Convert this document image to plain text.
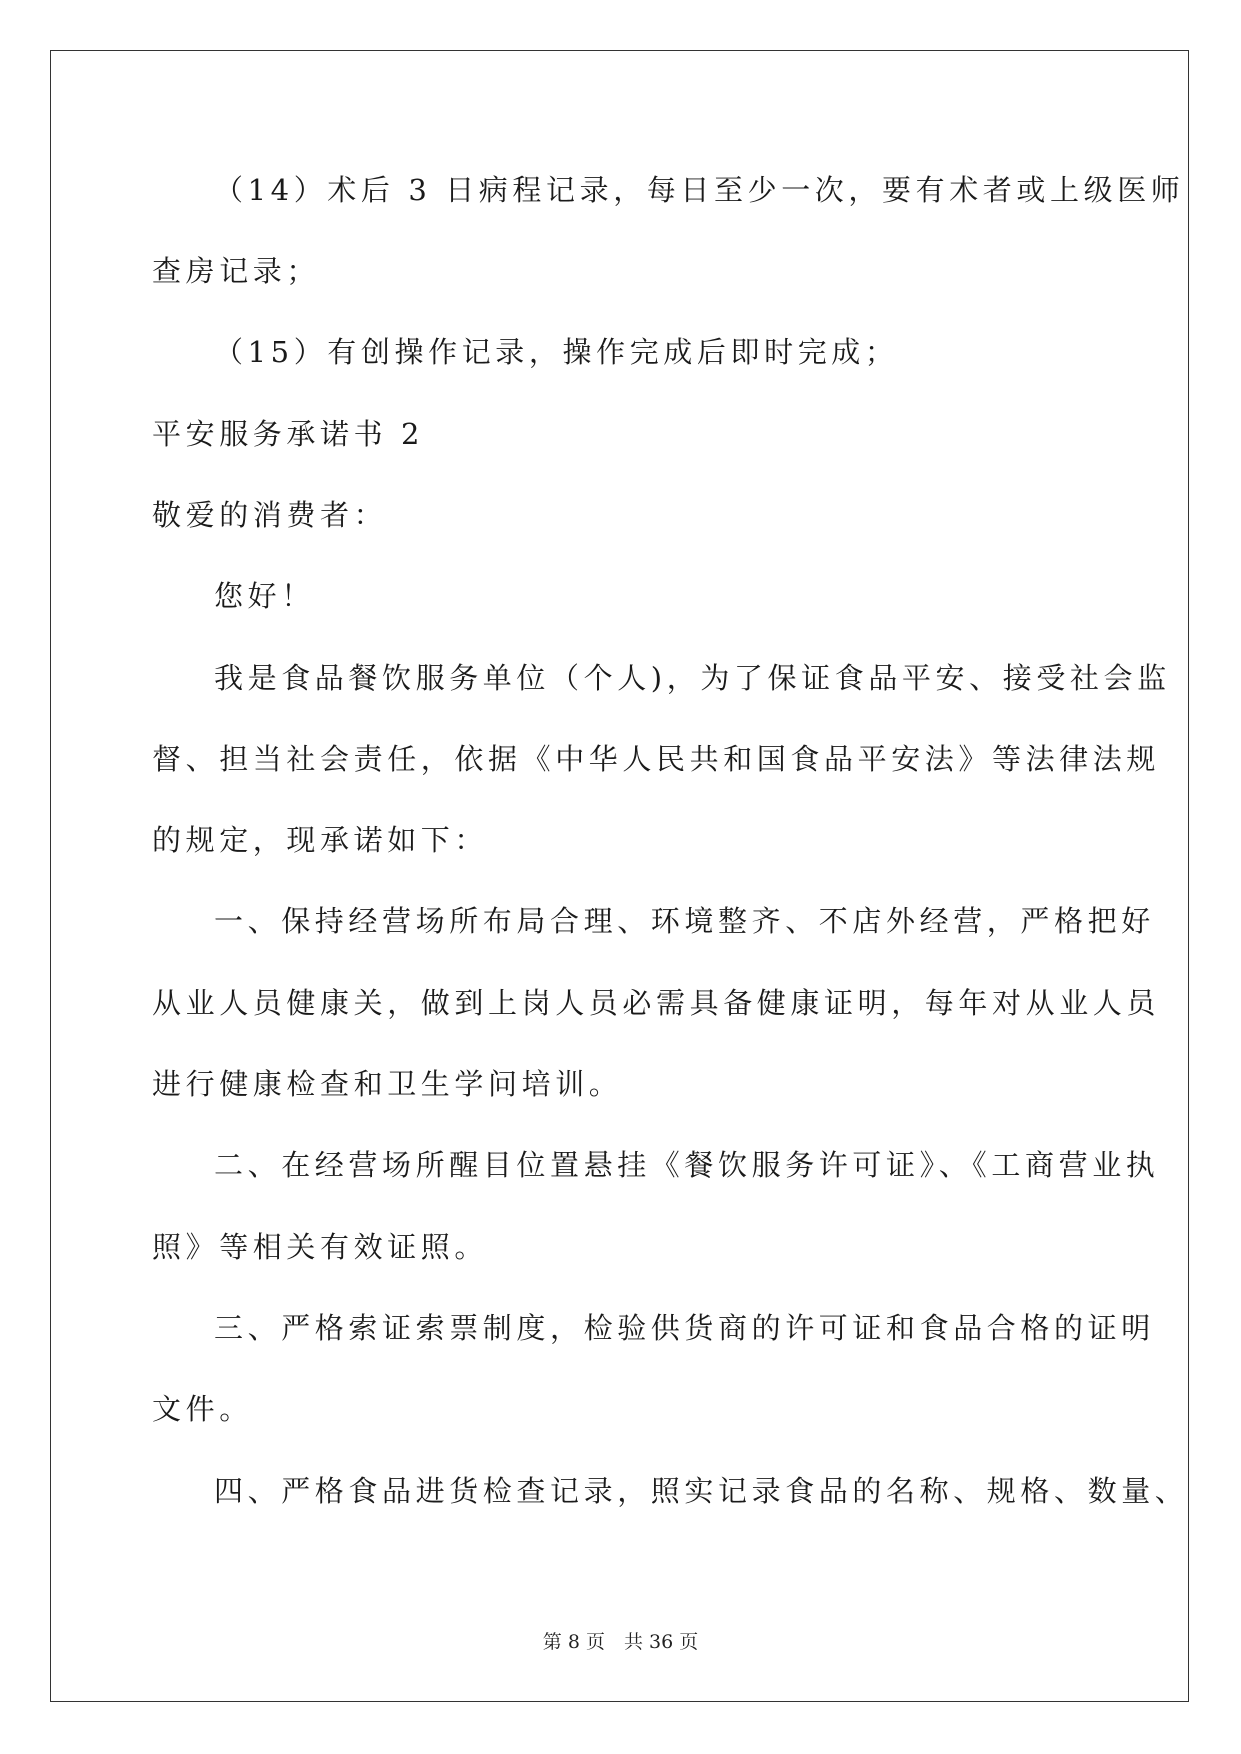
（14）术后 3 日病程记录，每日至少一次，要有术者或上级医师
查房记录；
（15）有创操作记录，操作完成后即时完成；
平安服务承诺书 2
敬爱的消费者：
您好！
我是食品餐饮服务单位（个人)，为了保证食品平安、接受社会监
督、担当社会责任，依据《中华人民共和国食品平安法》等法律法规
的规定，现承诺如下：
一、保持经营场所布局合理、环境整齐、不店外经营，严格把好
从业人员健康关，做到上岗人员必需具备健康证明，每年对从业人员
进行健康检查和卫生学问培训。
二、在经营场所醒目位置悬挂《餐饮服务许可证》、《工商营业执
照》等相关有效证照。
三、严格索证索票制度，检验供货商的许可证和食品合格的证明
文件。
四、严格食品进货检查记录，照实记录食品的名称、规格、数量、
第 8 页　共 36 页
